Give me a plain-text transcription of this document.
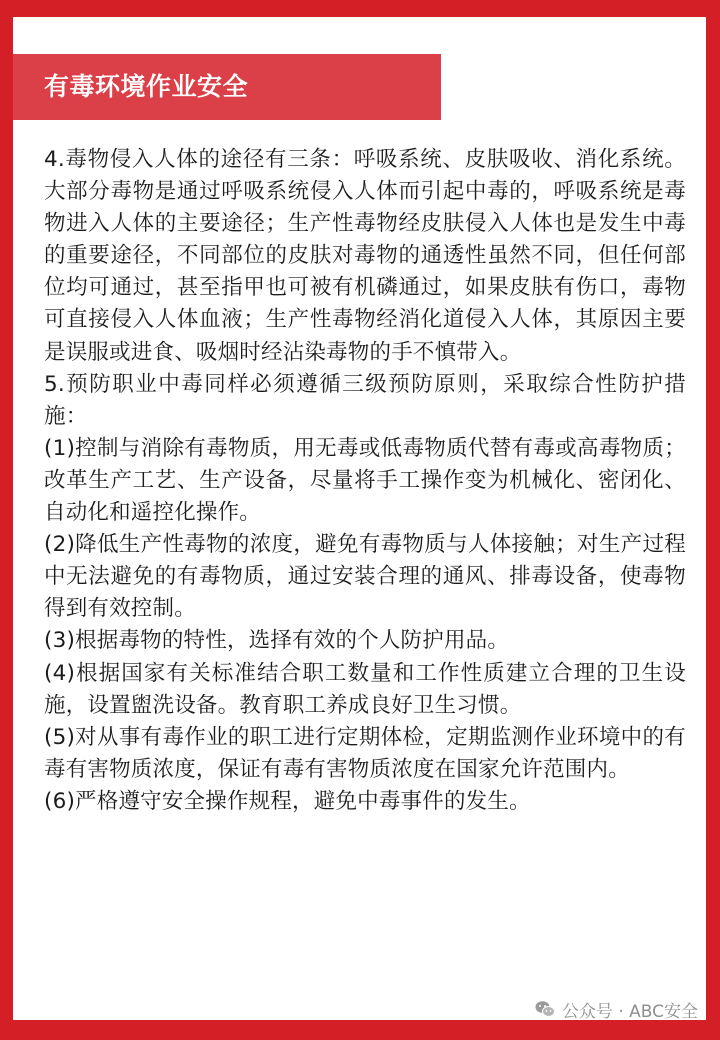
有毒环境作业安全

4.毒物侵入人体的途径有三条：呼吸系统、皮肤吸收、消化系统。大部分毒物是通过呼吸系统侵入人体而引起中毒的，呼吸系统是毒物进入人体的主要途径；生产性毒物经皮肤侵入人体也是发生中毒的重要途径，不同部位的皮肤对毒物的通透性虽然不同，但任何部位均可通过，甚至指甲也可被有机磷通过，如果皮肤有伤口，毒物可直接侵入人体血液；生产性毒物经消化道侵入人体，其原因主要是误服或进食、吸烟时经沾染毒物的手不慎带入。

5.预防职业中毒同样必须遵循三级预防原则，采取综合性防护措施：

(1)控制与消除有毒物质，用无毒或低毒物质代替有毒或高毒物质；改革生产工艺、生产设备，尽量将手工操作变为机械化、密闭化、自动化和遥控化操作。

(2)降低生产性毒物的浓度，避免有毒物质与人体接触；对生产过程中无法避免的有毒物质，通过安装合理的通风、排毒设备，使毒物得到有效控制。

(3)根据毒物的特性，选择有效的个人防护用品。

(4)根据国家有关标准结合职工数量和工作性质建立合理的卫生设施，设置盥洗设备。教育职工养成良好卫生习惯。

(5)对从事有毒作业的职工进行定期体检，定期监测作业环境中的有毒有害物质浓度，保证有毒有害物质浓度在国家允许范围内。

(6)严格遵守安全操作规程，避免中毒事件的发生。

公众号 · ABC安全
